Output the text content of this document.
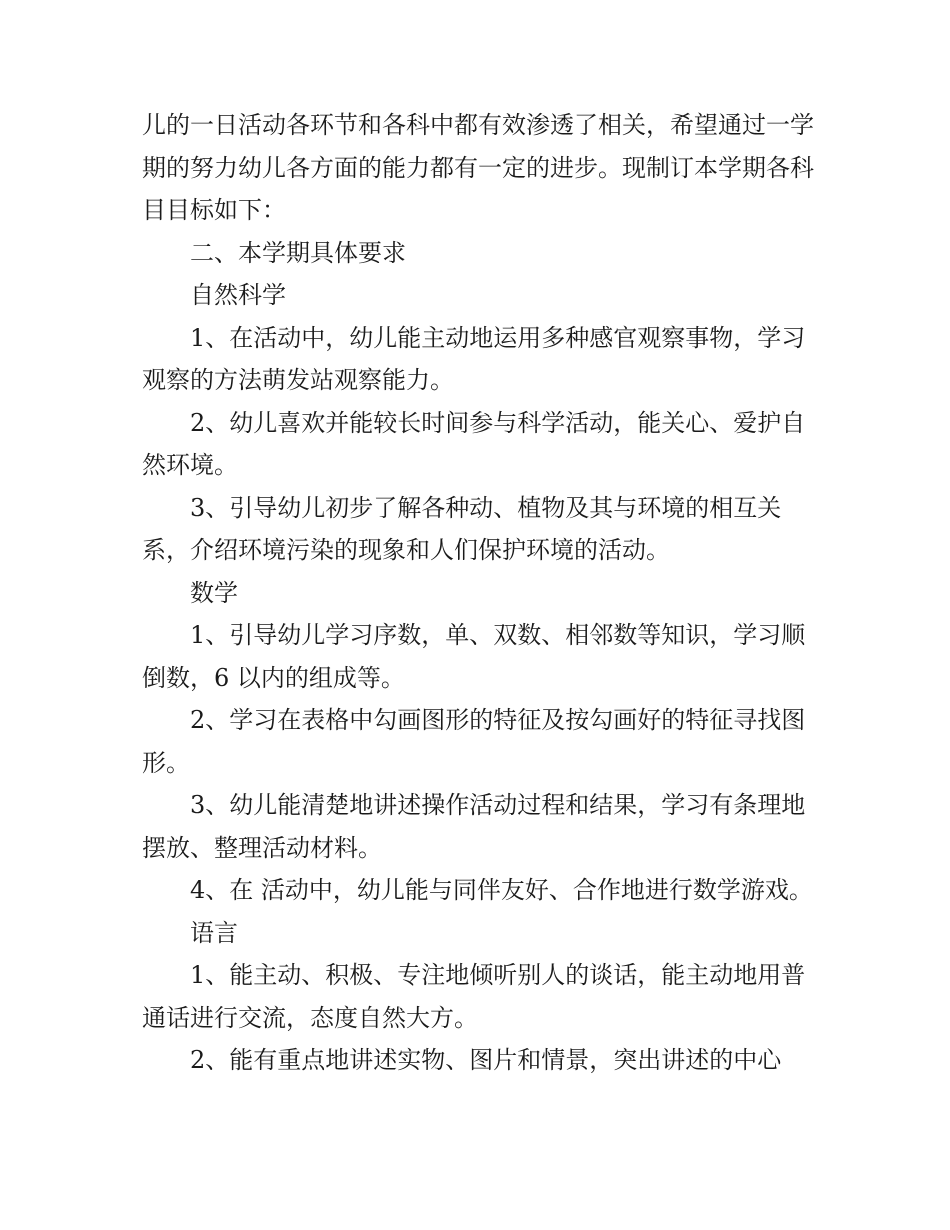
儿的一日活动各环节和各科中都有效渗透了相关，希望通过一学期的努力幼儿各方面的能力都有一定的进步。现制订本学期各科目目标如下：

二、本学期具体要求

自然科学

1、在活动中，幼儿能主动地运用多种感官观察事物，学习观察的方法萌发站观察能力。

2、幼儿喜欢并能较长时间参与科学活动，能关心、爱护自然环境。

3、引导幼儿初步了解各种动、植物及其与环境的相互关系，介绍环境污染的现象和人们保护环境的活动。

数学

1、引导幼儿学习序数，单、双数、相邻数等知识，学习顺倒数，6 以内的组成等。

2、学习在表格中勾画图形的特征及按勾画好的特征寻找图形。

3、幼儿能清楚地讲述操作活动过程和结果，学习有条理地摆放、整理活动材料。

4、在 活动中，幼儿能与同伴友好、合作地进行数学游戏。

语言

1、能主动、积极、专注地倾听别人的谈话，能主动地用普通话进行交流，态度自然大方。

2、能有重点地讲述实物、图片和情景，突出讲述的中心
